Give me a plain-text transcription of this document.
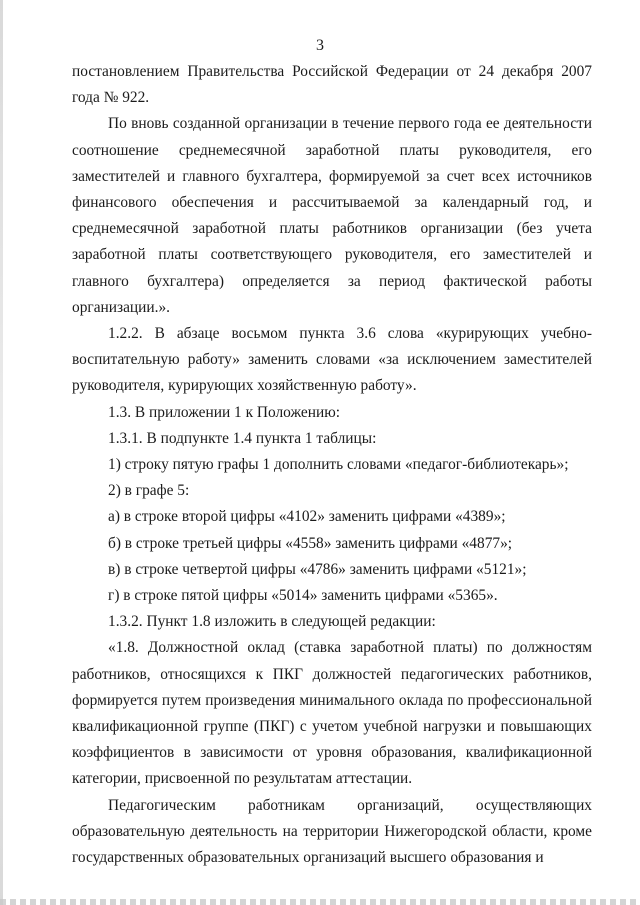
3

постановлением Правительства Российской Федерации от 24 декабря 2007 года № 922.

По вновь созданной организации в течение первого года ее деятельности соотношение среднемесячной заработной платы руководителя, его заместителей и главного бухгалтера, формируемой за счет всех источников финансового обеспечения и рассчитываемой за календарный год, и среднемесячной заработной платы работников организации (без учета заработной платы соответствующего руководителя, его заместителей и главного бухгалтера) определяется за период фактической работы организации.».

1.2.2. В абзаце восьмом пункта 3.6 слова «курирующих учебно-воспитательную работу» заменить словами «за исключением заместителей руководителя, курирующих хозяйственную работу».

1.3. В приложении 1 к Положению:

1.3.1. В подпункте 1.4 пункта 1 таблицы:

1) строку пятую графы 1 дополнить словами «педагог-библиотекарь»;

2) в графе 5:

а) в строке второй цифры «4102» заменить цифрами «4389»;

б) в строке третьей цифры «4558» заменить цифрами «4877»;

в) в строке четвертой цифры «4786» заменить цифрами «5121»;

г) в строке пятой цифры «5014» заменить цифрами «5365».

1.3.2. Пункт 1.8 изложить в следующей редакции:

«1.8. Должностной оклад (ставка заработной платы) по должностям работников, относящихся к ПКГ должностей педагогических работников, формируется путем произведения минимального оклада по профессиональной квалификационной группе (ПКГ) с учетом учебной нагрузки и повышающих коэффициентов в зависимости от уровня образования, квалификационной категории, присвоенной по результатам аттестации.

Педагогическим работникам организаций, осуществляющих образовательную деятельность на территории Нижегородской области, кроме государственных образовательных организаций высшего образования и
